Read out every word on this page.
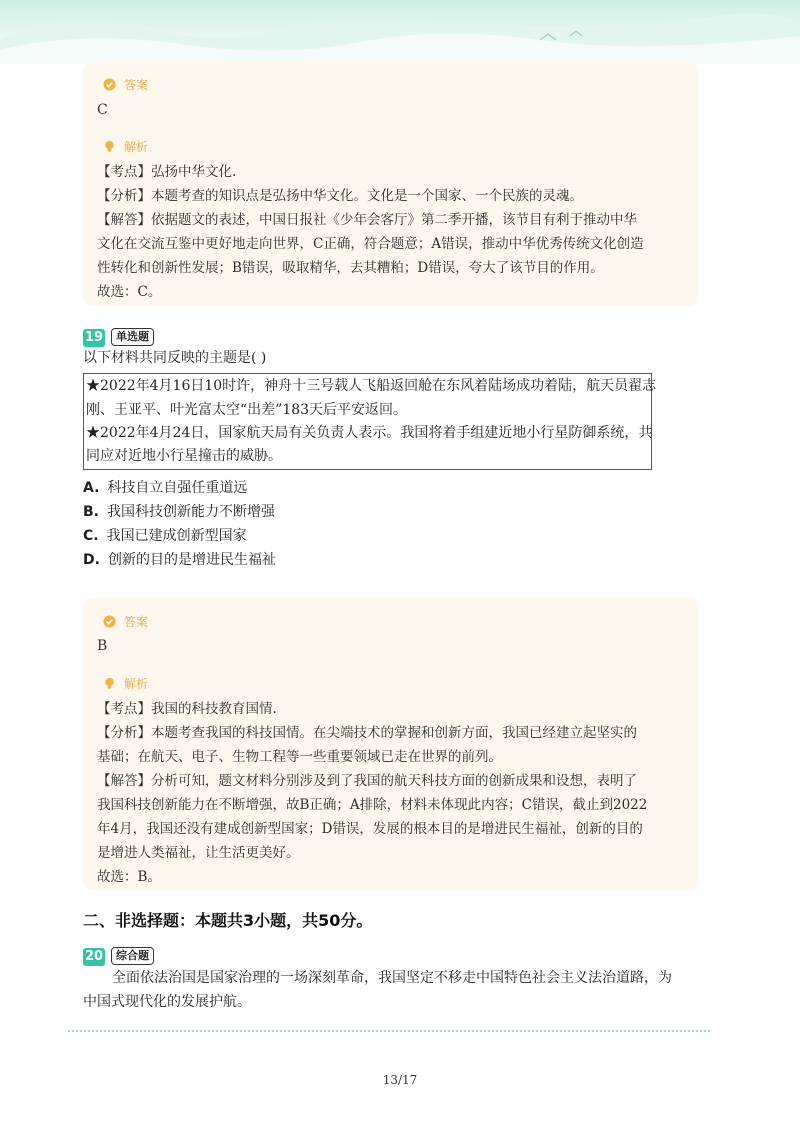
答案
C
解析
【考点】弘扬中华文化.
【分析】本题考查的知识点是弘扬中华文化。文化是一个国家、一个民族的灵魂。
【解答】依据题文的表述，中国日报社《少年会客厅》第二季开播，该节目有利于推动中华
文化在交流互鉴中更好地走向世界，C正确，符合题意；A错误，推动中华优秀传统文化创造
性转化和创新性发展；B错误，吸取精华，去其糟粕；D错误，夸大了该节目的作用。
故选：C。
19	单选题
以下材料共同反映的主题是( )
★2022年4月16日10时许，神舟十三号载人飞船返回舱在东风着陆场成功着陆，航天员翟志
刚、王亚平、叶光富太空“出差”183天后平安返回。
★2022年4月24日，国家航天局有关负责人表示。我国将着手组建近地小行星防御系统，共
同应对近地小行星撞击的威胁。
A. 科技自立自强任重道远
B. 我国科技创新能力不断增强
C. 我国已建成创新型国家
D. 创新的目的是增进民生福祉
答案
B
解析
【考点】我国的科技教育国情.
【分析】本题考查我国的科技国情。在尖端技术的掌握和创新方面，我国已经建立起坚实的
基础；在航天、电子、生物工程等一些重要领域已走在世界的前列。
【解答】分析可知，题文材料分别涉及到了我国的航天科技方面的创新成果和设想，表明了
我国科技创新能力在不断增强，故B正确；A排除，材料未体现此内容；C错误，截止到2022
年4月，我国还没有建成创新型国家；D错误，发展的根本目的是增进民生福祉，创新的目的
是增进人类福祉，让生活更美好。
故选：B。
二、非选择题：本题共3小题，共50分。
20	综合题
全面依法治国是国家治理的一场深刻革命，我国坚定不移走中国特色社会主义法治道路，为
中国式现代化的发展护航。
13/17
